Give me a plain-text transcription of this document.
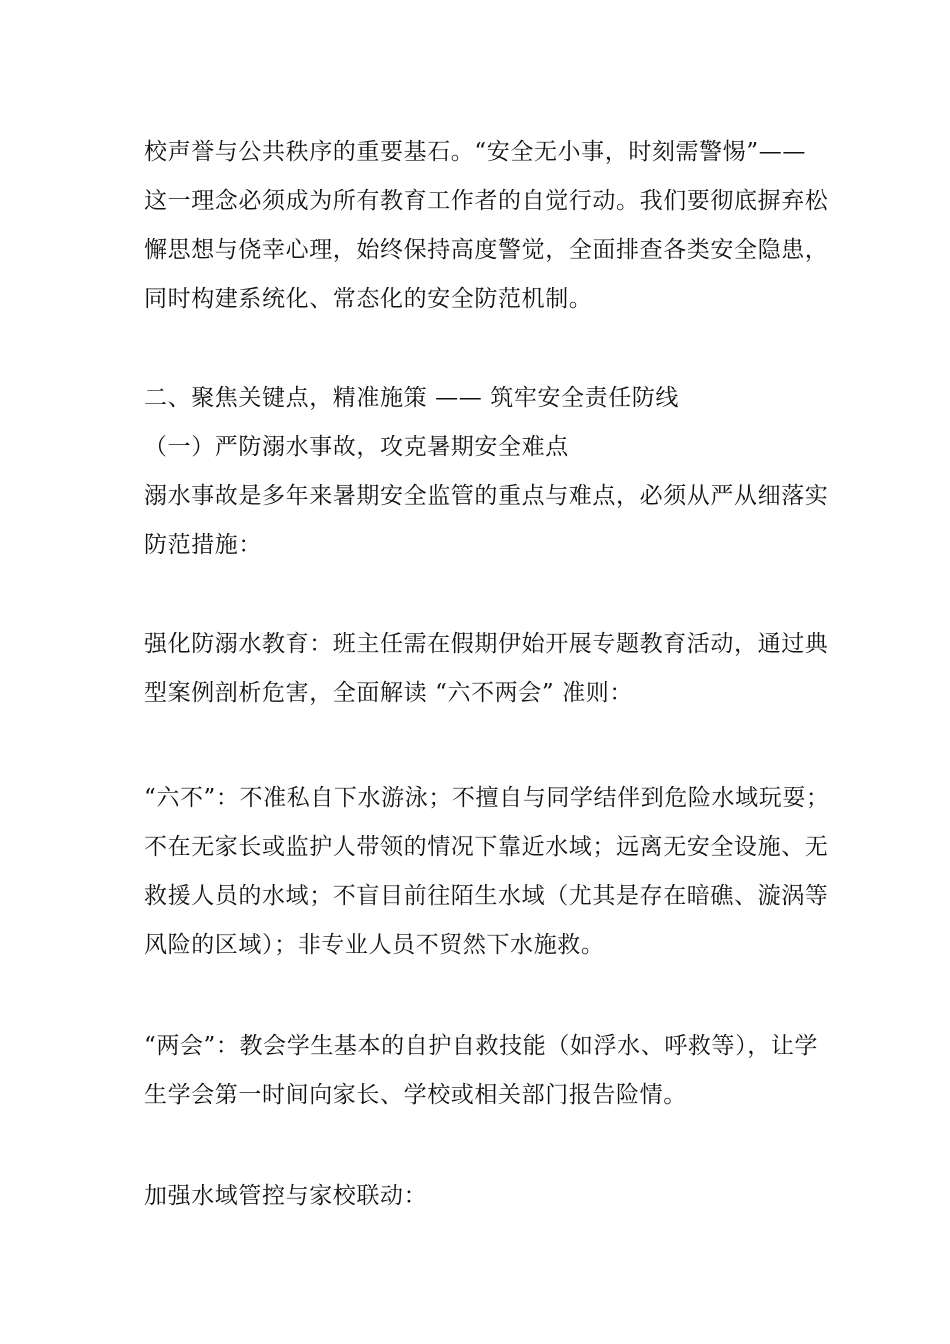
校声誉与公共秩序的重要基石。“安全无小事，时刻需警惕”——
这一理念必须成为所有教育工作者的自觉行动。我们要彻底摒弃松
懈思想与侥幸心理，始终保持高度警觉，全面排查各类安全隐患，
同时构建系统化、常态化的安全防范机制。
二、聚焦关键点，精准施策 —— 筑牢安全责任防线
（一）严防溺水事故，攻克暑期安全难点
溺水事故是多年来暑期安全监管的重点与难点，必须从严从细落实
防范措施：
强化防溺水教育：班主任需在假期伊始开展专题教育活动，通过典
型案例剖析危害，全面解读 “六不两会” 准则：
“六不”：不准私自下水游泳；不擅自与同学结伴到危险水域玩耍；
不在无家长或监护人带领的情况下靠近水域；远离无安全设施、无
救援人员的水域；不盲目前往陌生水域（尤其是存在暗礁、漩涡等
风险的区域）；非专业人员不贸然下水施救。
“两会”：教会学生基本的自护自救技能（如浮水、呼救等），让学
生学会第一时间向家长、学校或相关部门报告险情。
加强水域管控与家校联动：
